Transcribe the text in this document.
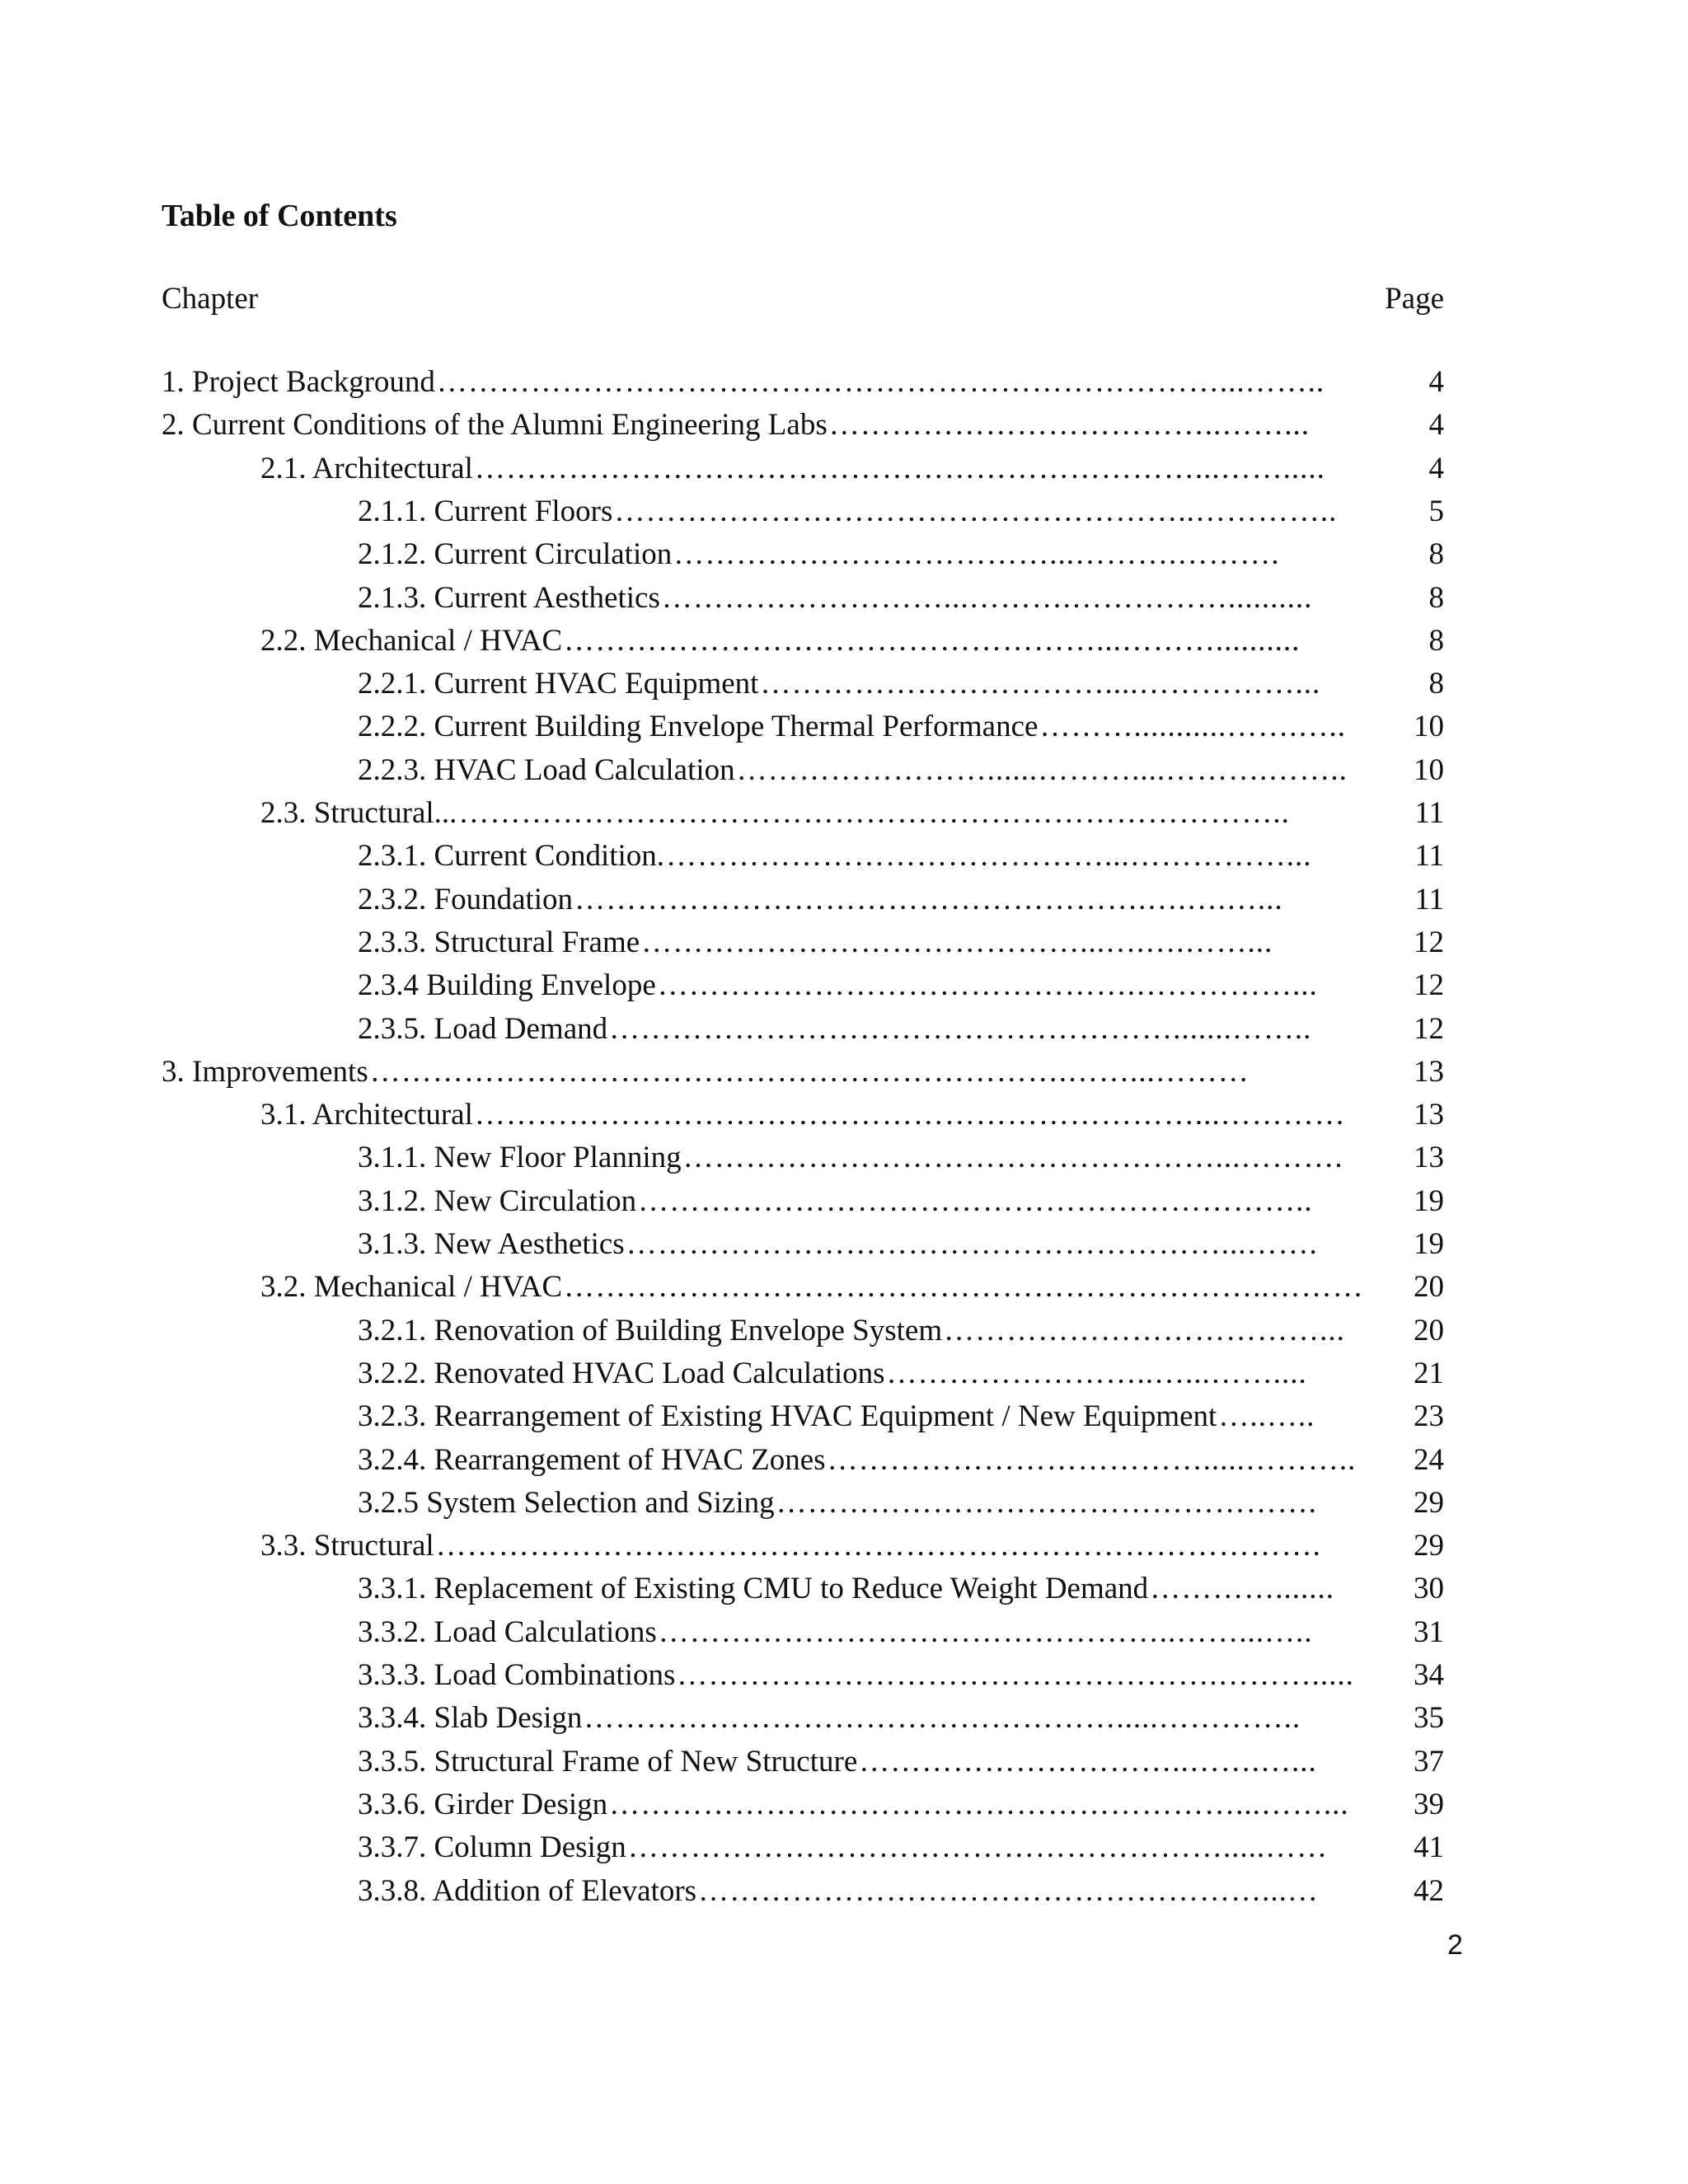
Table of Contents
Chapter	Page
1. Project Background …………………………………………………………………...……..	4
2. Current Conditions of the Alumni Engineering Labs ………………………………..……...	4
2.1. Architectural ……………………………………………………………...…….....	4
2.1.1. Current Floors ………………………………………………..…………..	5
2.1.2. Current Circulation ………………………………...……….……….	8
2.1.3. Current Aesthetics ………………………...……….……………..........	8
2.2. Mechanical / HVAC ……………………………………………...………..........	8
2.2.1. Current HVAC Equipment ……………………………....……………...	8
2.2.2. Current Building Envelope Thermal Performance ………...........…….…..	10
2.2.3. HVAC Load Calculation ……………………......………....……….……..	10
2.3. Structural... ……………………………………………………………………..	11
2.3.1. Current Condition. ……………………………………...……………...	11
2.3.2. Foundation ……………………………………………….….….…...	11
2.3.3. Structural Frame ……………………………………...….….……...	12
2.3.4 Building Envelope ……………………………………….……………...	12
2.3.5. Load Demand ……………………………………………….......……..	12
3. Improvements ………………………………………………………….……...………	13
3.1. Architectural ……………………………………………………………...…………	13
3.1.1. New Floor Planning ……………………………………………...……….	13
3.1.2. New Circulation ………………………………………………………..	19
3.1.3. New Aesthetics …………………………………………………...…….	19
3.2. Mechanical / HVAC …………………………………………………………..………	20
3.2.1. Renovation of Building Envelope System ………………………………...	20
3.2.2. Renovated HVAC Load Calculations ……………………..…...……....	21
3.2.3. Rearrangement of Existing HVAC Equipment / New Equipment …..…..	23
3.2.4. Rearrangement of HVAC Zones ……………………………….....………..	24
3.2.5 System Selection and Sizing …………………………………………….	29
3.3. Structural ………………………………………………………………………….	29
3.3.1. Replacement of Existing CMU to Reduce Weight Demand ………….......	30
3.3.2. Load Calculations …………………………………………..……...…..	31
3.3.3. Load Combinations …………………………………………….……….....	34
3.3.4. Slab Design …………………………………………….....…………..	35
3.3.5. Structural Frame of New Structure …………………………..…….…...	37
3.3.6. Girder Design ……………………………………………………...……...	39
3.3.7. Column Design ………………………………………………….....……	41
3.3.8. Addition of Elevators ………………………………………………...…	42
2
